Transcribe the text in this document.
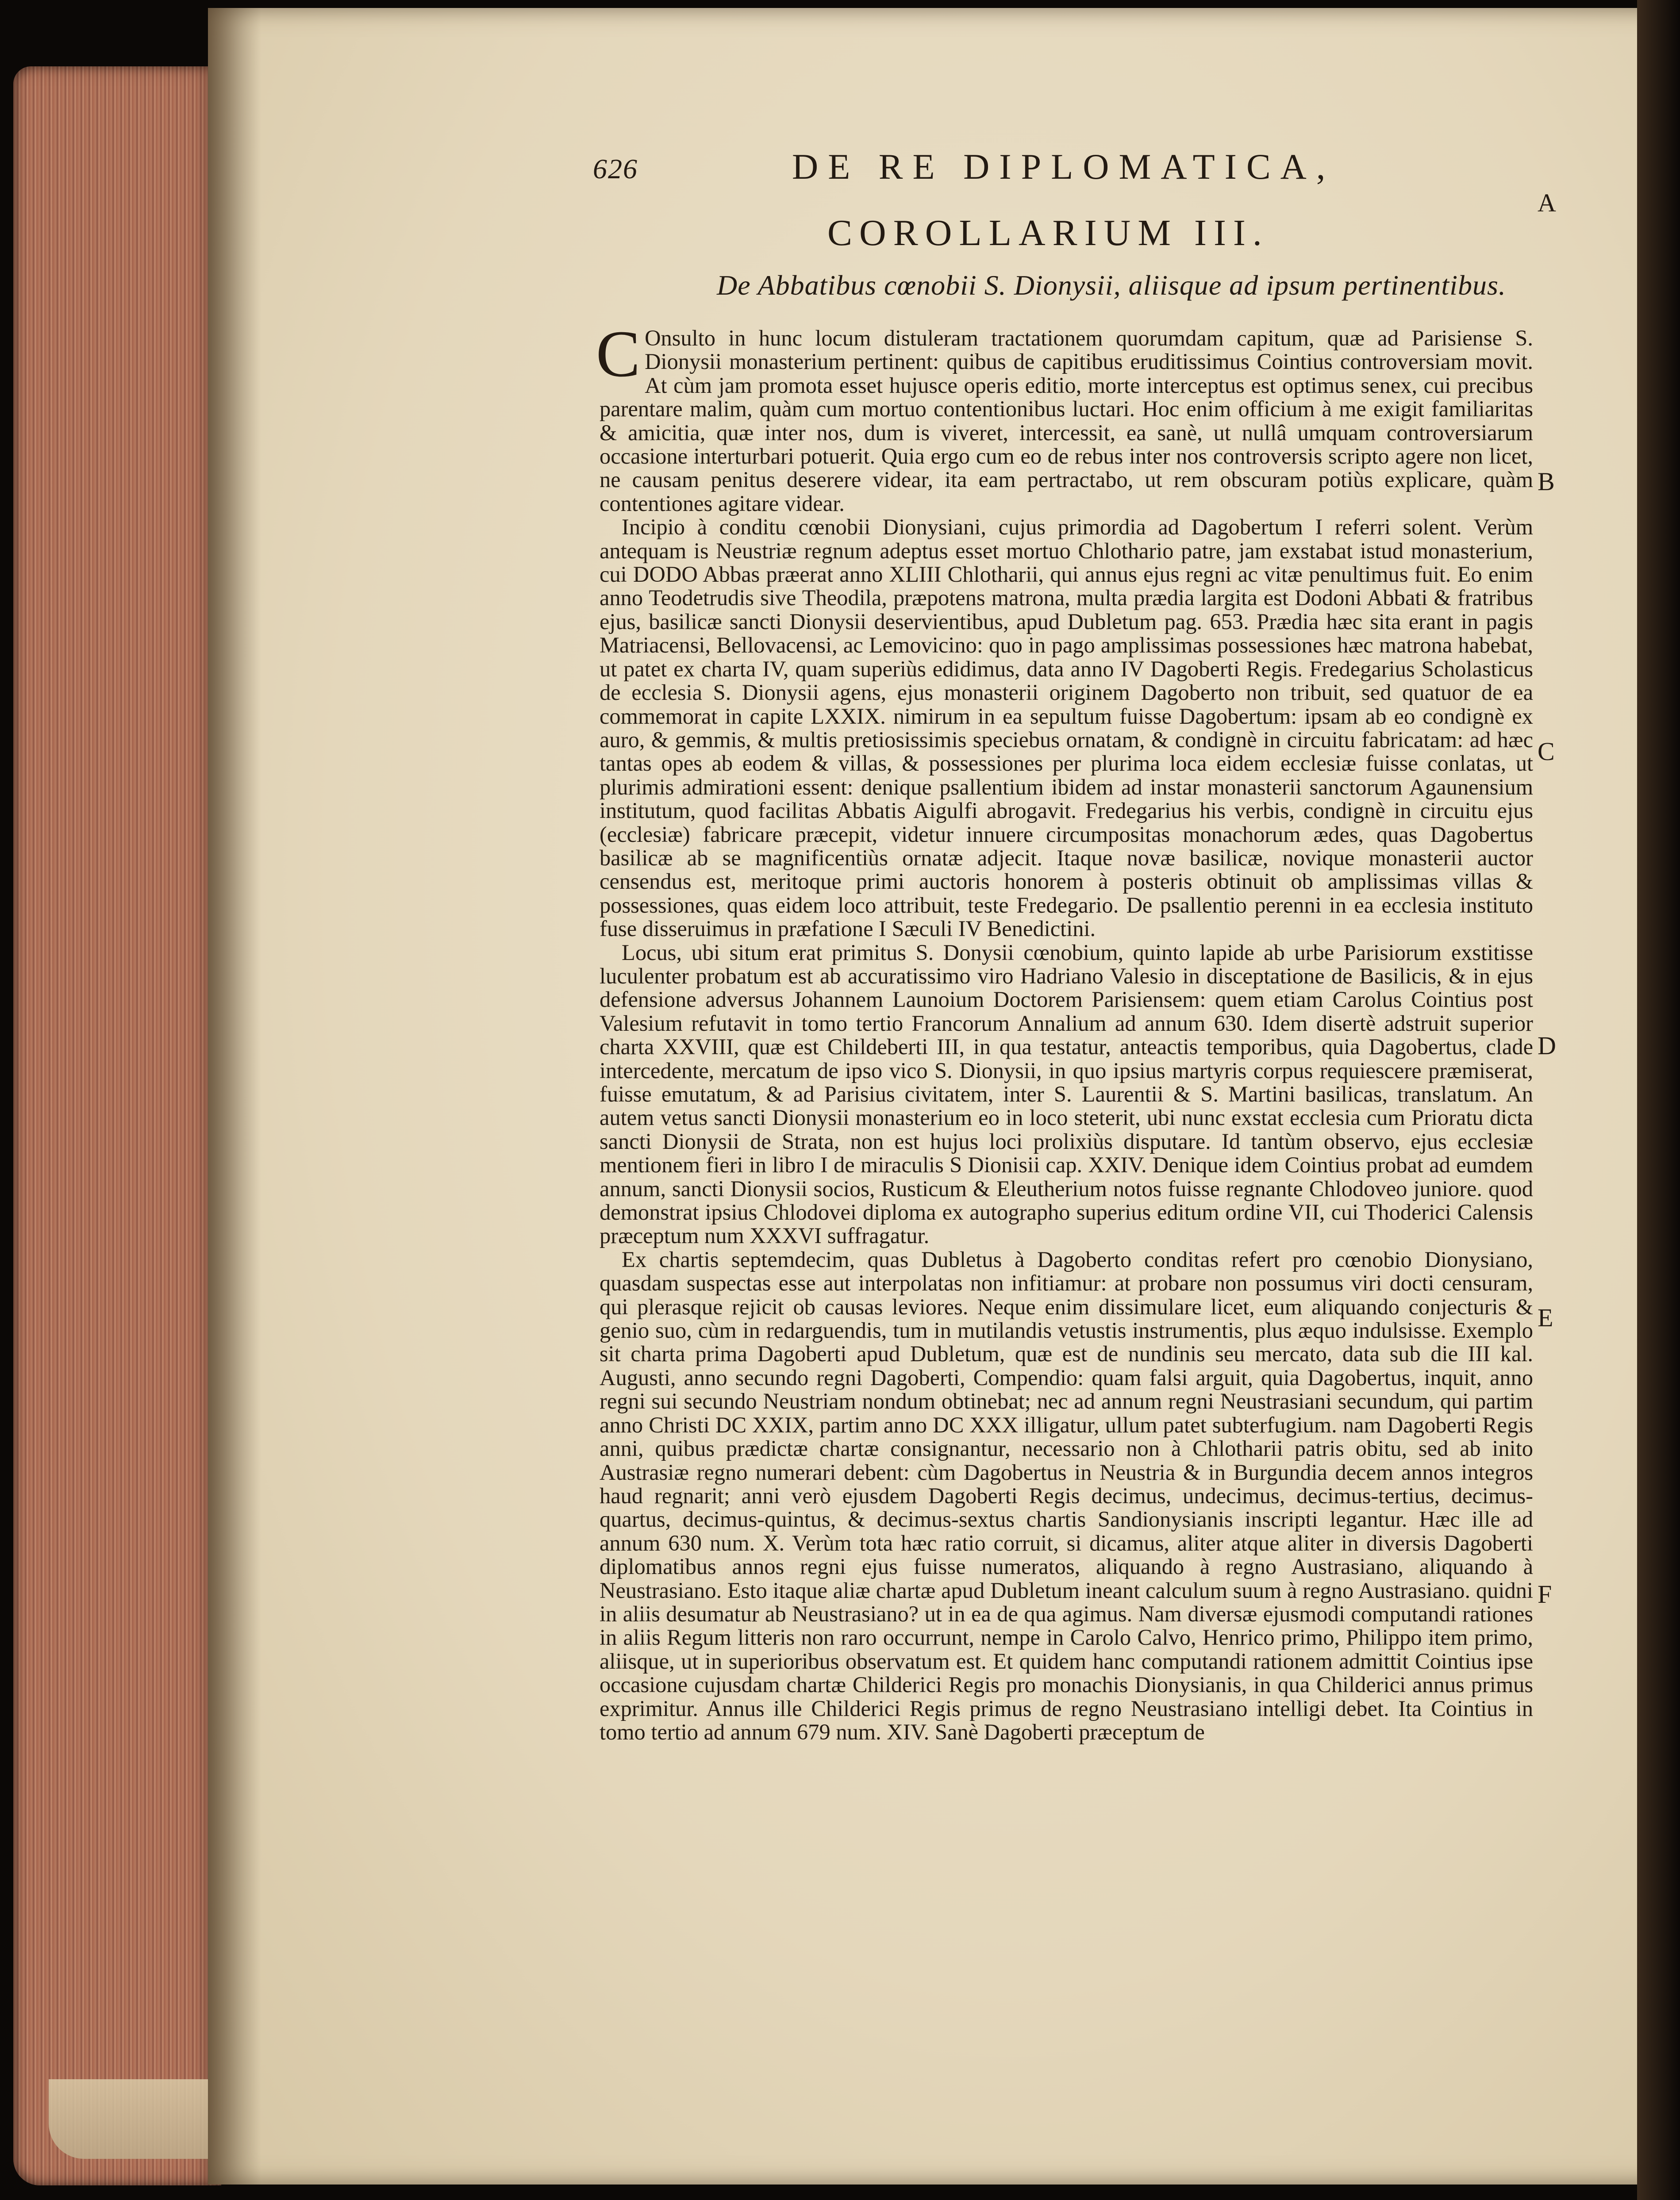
626	DE RE DIPLOMATICA,
COROLLARIUM III.
De Abbatibus cœnobii S. Dionysii, aliisque ad ipsum pertinentibus.
A
B
C
D
E
F

C Onsulto in hunc locum distuleram tractationem quorumdam capitum, quæ ad Parisiense S. Dionysii monasterium pertinent: quibus de capitibus eruditissimus Cointius controversiam movit. At cùm jam promota esset hujusce operis editio, morte interceptus est optimus senex, cui precibus parentare malim, quàm cum mortuo contentionibus luctari. Hoc enim officium à me exigit familiaritas & amicitia, quæ inter nos, dum is viveret, intercessit, ea sanè, ut nullâ umquam controversiarum occasione interturbari potuerit. Quia ergo cum eo de rebus inter nos controversis scripto agere non licet, ne causam penitus deserere videar, ita eam pertractabo, ut rem obscuram potiùs explicare, quàm contentiones agitare videar.

Incipio à conditu cœnobii Dionysiani, cujus primordia ad Dagobertum I referri solent. Verùm antequam is Neustriæ regnum adeptus esset mortuo Chlothario patre, jam exstabat istud monasterium, cui DODO Abbas præerat anno XLIII Chlotharii, qui annus ejus regni ac vitæ penultimus fuit. Eo enim anno Teodetrudis sive Theodila, præpotens matrona, multa prædia largita est Dodoni Abbati & fratribus ejus, basilicæ sancti Dionysii deservientibus, apud Dubletum pag. 653. Prædia hæc sita erant in pagis Matriacensi, Bellovacensi, ac Lemovicino: quo in pago amplissimas possessiones hæc matrona habebat, ut patet ex charta IV, quam superiùs edidimus, data anno IV Dagoberti Regis. Fredegarius Scholasticus de ecclesia S. Dionysii agens, ejus monasterii originem Dagoberto non tribuit, sed quatuor de ea commemorat in capite LXXIX. nimirum in ea sepultum fuisse Dagobertum: ipsam ab eo condignè ex auro, & gemmis, & multis pretiosissimis speciebus ornatam, & condignè in circuitu fabricatam: ad hæc tantas opes ab eodem & villas, & possessiones per plurima loca eidem ecclesiæ fuisse conlatas, ut plurimis admirationi essent: denique psallentium ibidem ad instar monasterii sanctorum Agaunensium institutum, quod facilitas Abbatis Aigulfi abrogavit. Fredegarius his verbis, condignè in circuitu ejus (ecclesiæ) fabricare præcepit, videtur innuere circumpositas monachorum ædes, quas Dagobertus basilicæ ab se magnificentiùs ornatæ adjecit. Itaque novæ basilicæ, novique monasterii auctor censendus est, meritoque primi auctoris honorem à posteris obtinuit ob amplissimas villas & possessiones, quas eidem loco attribuit, teste Fredegario. De psallentio perenni in ea ecclesia instituto fuse disseruimus in præfatione I Sæculi IV Benedictini.

Locus, ubi situm erat primitus S. Donysii cœnobium, quinto lapide ab urbe Parisiorum exstitisse luculenter probatum est ab accuratissimo viro Hadriano Valesio in disceptatione de Basilicis, & in ejus defensione adversus Johannem Launoium Doctorem Parisiensem: quem etiam Carolus Cointius post Valesium refutavit in tomo tertio Francorum Annalium ad annum 630. Idem disertè adstruit superior charta XXVIII, quæ est Childeberti III, in qua testatur, anteactis temporibus, quia Dagobertus, clade intercedente, mercatum de ipso vico S. Dionysii, in quo ipsius martyris corpus requiescere præmiserat, fuisse emutatum, & ad Parisius civitatem, inter S. Laurentii & S. Martini basilicas, translatum. An autem vetus sancti Dionysii monasterium eo in loco steterit, ubi nunc exstat ecclesia cum Prioratu dicta sancti Dionysii de Strata, non est hujus loci prolixiùs disputare. Id tantùm observo, ejus ecclesiæ mentionem fieri in libro I de miraculis S Dionisii cap. XXIV. Denique idem Cointius probat ad eumdem annum, sancti Dionysii socios, Rusticum & Eleutherium notos fuisse regnante Chlodoveo juniore. quod demonstrat ipsius Chlodovei diploma ex autographo superius editum ordine VII, cui Thoderici Calensis præceptum num XXXVI suffragatur.

Ex chartis septemdecim, quas Dubletus à Dagoberto conditas refert pro cœnobio Dionysiano, quasdam suspectas esse aut interpolatas non infitiamur: at probare non possumus viri docti censuram, qui plerasque rejicit ob causas leviores. Neque enim dissimulare licet, eum aliquando conjecturis & genio suo, cùm in redarguendis, tum in mutilandis vetustis instrumentis, plus æquo indulsisse. Exemplo sit charta prima Dagoberti apud Dubletum, quæ est de nundinis seu mercato, data sub die III kal. Augusti, anno secundo regni Dagoberti, Compendio: quam falsi arguit, quia Dagobertus, inquit, anno regni sui secundo Neustriam nondum obtinebat; nec ad annum regni Neustrasiani secundum, qui partim anno Christi DC XXIX, partim anno DC XXX illigatur, ullum patet subterfugium. nam Dagoberti Regis anni, quibus prædictæ chartæ consignantur, necessario non à Chlotharii patris obitu, sed ab inito Austrasiæ regno numerari debent: cùm Dagobertus in Neustria & in Burgundia decem annos integros haud regnarit; anni verò ejusdem Dagoberti Regis decimus, undecimus, decimus-tertius, decimus-quartus, decimus-quintus, & decimus-sextus chartis Sandionysianis inscripti legantur. Hæc ille ad annum 630 num. X. Verùm tota hæc ratio corruit, si dicamus, aliter atque aliter in diversis Dagoberti diplomatibus annos regni ejus fuisse numeratos, aliquando à regno Austrasiano, aliquando à Neustrasiano. Esto itaque aliæ chartæ apud Dubletum ineant calculum suum à regno Austrasiano. quidni in aliis desumatur ab Neustrasiano? ut in ea de qua agimus. Nam diversæ ejusmodi computandi rationes in aliis Regum litteris non raro occurrunt, nempe in Carolo Calvo, Henrico primo, Philippo item primo, aliisque, ut in superioribus observatum est. Et quidem hanc computandi rationem admittit Cointius ipse occasione cujusdam chartæ Childerici Regis pro monachis Dionysianis, in qua Childerici annus primus exprimitur. Annus ille Childerici Regis primus de regno Neustrasiano intelligi debet. Ita Cointius in tomo tertio ad annum 679 num. XIV. Sanè Dagoberti præceptum de
